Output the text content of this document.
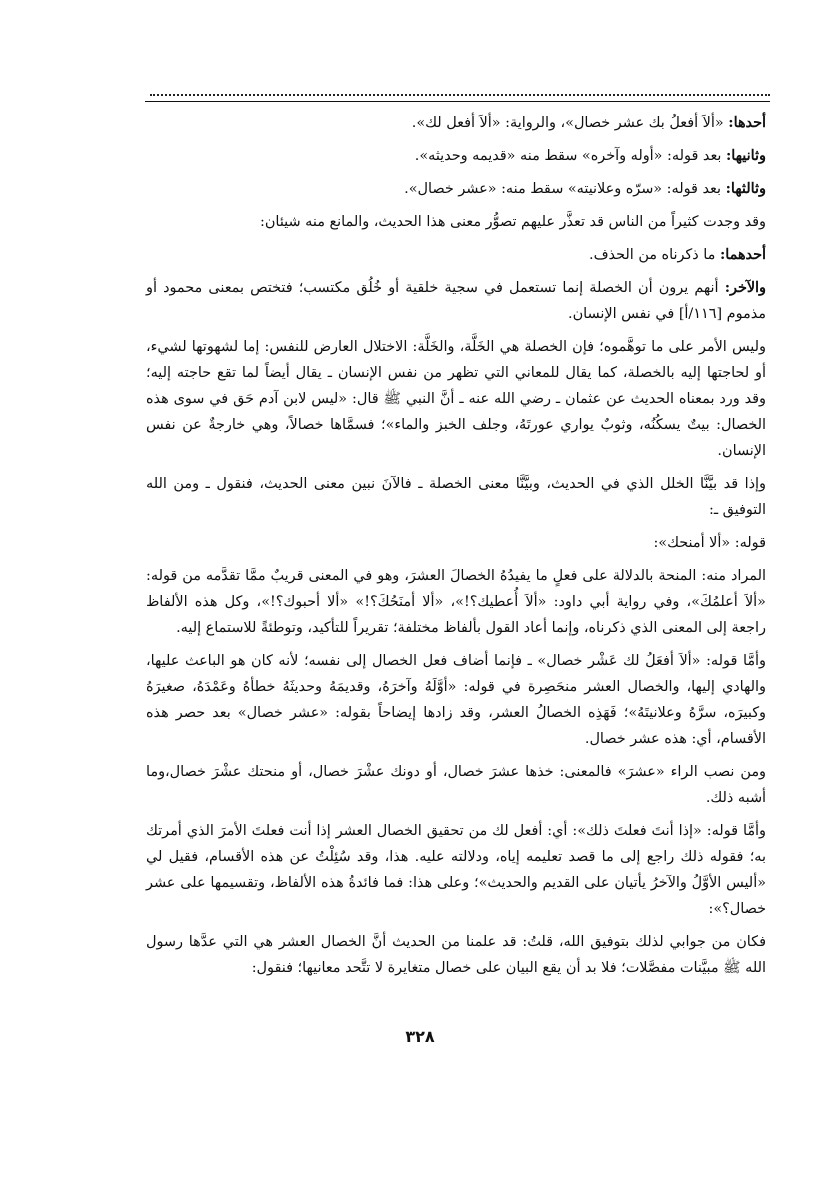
أحدها: «ألاَ أفعلُ بك عشر خصال»، والرواية: «ألاَ أفعل لك».

وثانيها: بعد قوله: «أوله وآخره» سقط منه «قديمه وحديثه».

وثالثها: بعد قوله: «سرّه وعلانيته» سقط منه: «عشر خصال».

وقد وجدت كثيراً من الناس قد تعذَّر عليهم تصوُّر معنى هذا الحديث، والمانع منه شيئان:

أحدهما: ما ذكرناه من الحذف.

والآخر: أنهم يرون أن الخصلة إنما تستعمل في سجية خلقية أو خُلُق مكتسب؛ فتختص بمعنى محمود أو مذموم [١١٦/أ] في نفس الإنسان.

وليس الأمر على ما توهَّموه؛ فإن الخصلة هي الخَلَّة، والخَلَّة: الاختلال العارض للنفس: إما لشهوتها لشيء، أو لحاجتها إليه بالخصلة، كما يقال للمعاني التي تظهر من نفس الإنسان ـ يقال أيضاً لما تقع حاجته إليه؛ وقد ورد بمعناه الحديث عن عثمان ـ رضي الله عنه ـ أنَّ النبي ﷺ قال: «ليس لابن آدم حَق في سوى هذه الخصال: بيتٌ يسكُنُه، وثوبٌ يواري عورتَهُ، وجلف الخبز والماء»؛ فسمَّاها خصالاً، وهي خارجةٌ عن نفس الإنسان.

وإذا قد بيَّنَّا الخلل الذي في الحديث، وبيَّنَّا معنى الخصلة ـ فالآنَ نبين معنى الحديث، فنقول ـ ومن الله التوفيق ـ:

قوله: «ألا أمنحك»:

المراد منه: المنحة بالدلالة على فعلٍ ما يفيدُهُ الخصالَ العشرَ، وهو في المعنى قريبٌ ممَّا تقدَّمه من قوله: «ألاَ أعلمُكَ»، وفي رواية أبي داود: «ألاَ أُعطيك؟!»، «ألا أمنَحُكَ؟!» «ألا أحبوك؟!»، وكل هذه الألفاظ راجعة إلى المعنى الذي ذكرناه، وإنما أعاد القول بألفاظ مختلفة؛ تقريراً للتأكيد، وتوطئةً للاستماع إليه.

وأمَّا قوله: «ألاَ أفعَلُ لك عَشْر خصال» ـ فإنما أضاف فعل الخصال إلى نفسه؛ لأنه كان هو الباعث عليها، والهادي إليها، والخصال العشر منحَصِرة في قوله: «أوَّلَهُ وآخرَهُ، وقديمَهُ وحديثَهُ خطأهُ وعَمْدَهُ، صغيرَهُ وكبيرَه، سرَّهُ وعلانيتَهُ»؛ فَهَذِه الخصالُ العشر، وقد زادها إيضاحاً بقوله: «عشر خصال» بعد حصر هذه الأقسام، أي: هذه عشر خصال.

ومن نصب الراء «عشرَ» فالمعنى: خذها عشرَ خصال، أو دونك عشْرَ خصال، أو منحتك عشْرَ خصال،وما أشبه ذلك.

وأمَّا قوله: «إذا أنتَ فعلتَ ذلك»: أي: أفعل لك من تحقيق الخصال العشر إذا أنت فعلتَ الأمرَ الذي أمرتك به؛ فقوله ذلك راجع إلى ما قصد تعليمه إياه، ودلالته عليه. هذا، وقد سُئِلْتُ عن هذه الأقسام، فقيل لي «أليس الأوَّلُ والآخرُ يأتيان على القديم والحديث»؛ وعلى هذا: فما فائدةُ هذه الألفاظ، وتقسيمها على عشر خصال؟»:

فكان من جوابي لذلك بتوفيق الله، قلتُ: قد علمنا من الحديث أنَّ الخصال العشر هي التي عدَّها رسول الله ﷺ مبيَّنات مفصَّلات؛ فلا بد أن يقع البيان على خصال متغايرة لا تتَّحد معانيها؛ فنقول:

٣٢٨
